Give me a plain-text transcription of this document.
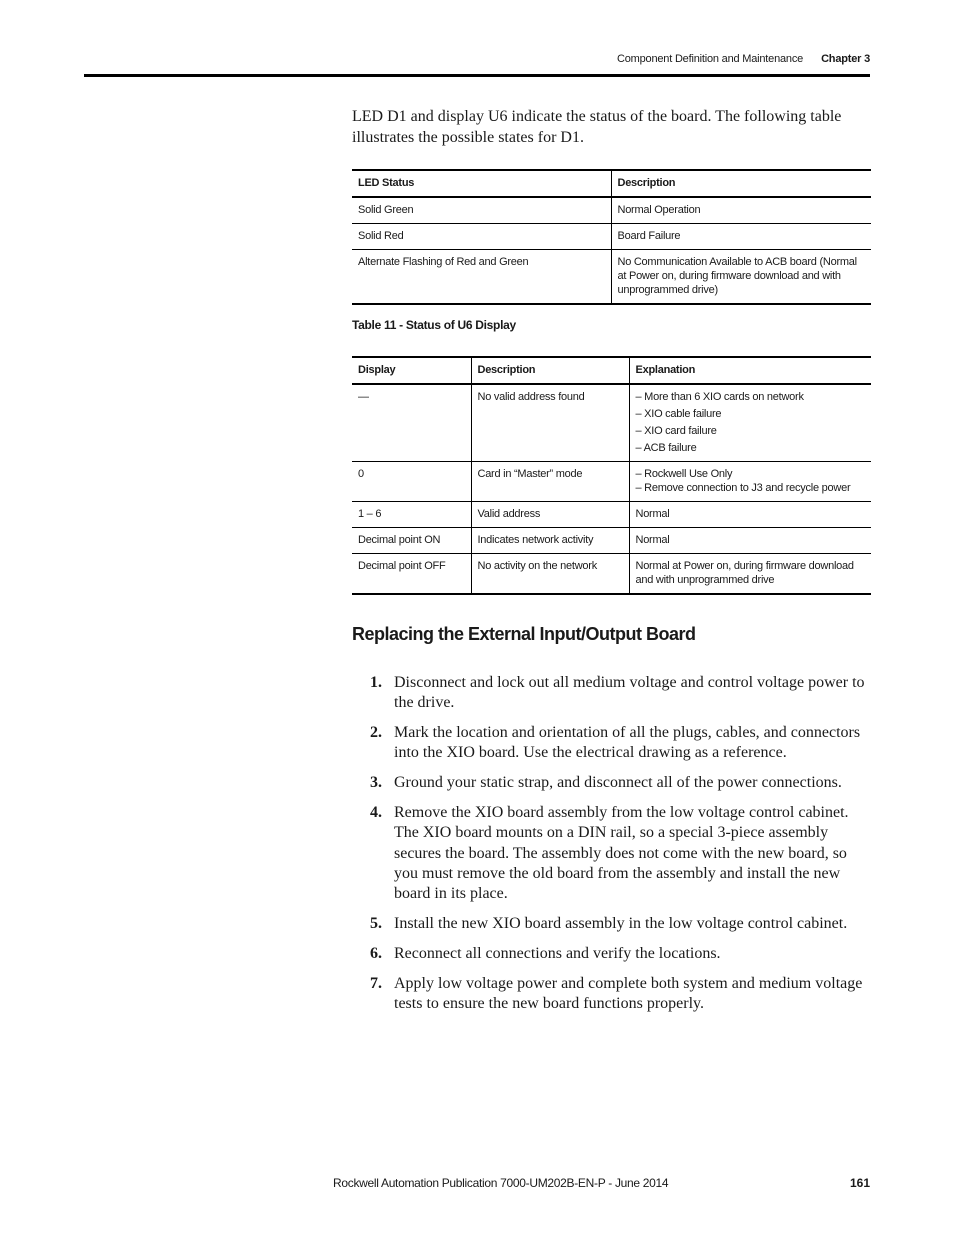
Component Definition and Maintenance Chapter 3

LED D1 and display U6 indicate the status of the board. The following table illustrates the possible states for D1.

LED Status	Description
Solid Green	Normal Operation
Solid Red	Board Failure
Alternate Flashing of Red and Green	No Communication Available to ACB board (Normal at Power on, during firmware download and with unprogrammed drive)
Table 11 - Status of U6 Display
Display	Description	Explanation
—	No valid address found	– More than 6 XIO cards on network
– XIO cable failure
– XIO card failure
– ACB failure

0	Card in “Master” mode	– Rockwell Use Only
– Remove connection to J3 and recycle power

1 – 6	Valid address	Normal
Decimal point ON	Indicates network activity	Normal
Decimal point OFF	No activity on the network	Normal at Power on, during firmware download and with unprogrammed drive
Replacing the External Input/Output Board
1. Disconnect and lock out all medium voltage and control voltage power to the drive.
2. Mark the location and orientation of all the plugs, cables, and connectors into the XIO board. Use the electrical drawing as a reference.
3. Ground your static strap, and disconnect all of the power connections.
4. Remove the XIO board assembly from the low voltage control cabinet. The XIO board mounts on a DIN rail, so a special 3-piece assembly secures the board. The assembly does not come with the new board, so you must remove the old board from the assembly and install the new board in its place.
5. Install the new XIO board assembly in the low voltage control cabinet.
6. Reconnect all connections and verify the locations.
7. Apply low voltage power and complete both system and medium voltage tests to ensure the new board functions properly.
Rockwell Automation Publication 7000-UM202B-EN-P - June 2014	161
